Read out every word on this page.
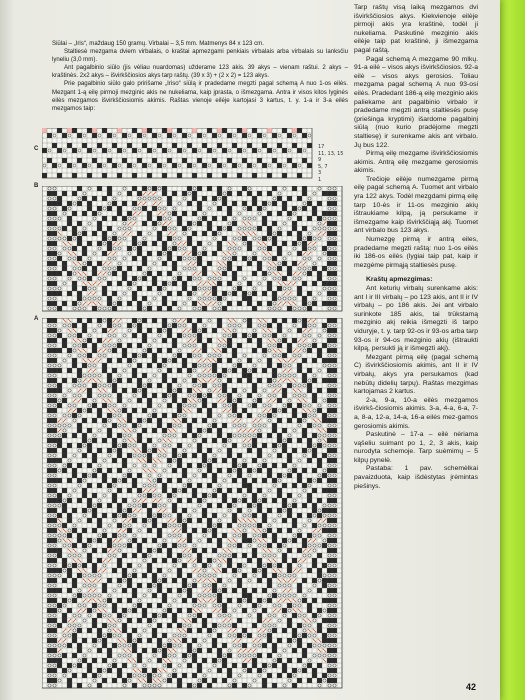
Siūlai – „Iris“, maždaug 150 gramų. Virbalai – 3,5 mm. Matmenys 84 x 123 cm.

Staltiesė mezgama dviem virbalais, o kraštai apmezgami penkiais virbalais arba virbalais su lanksčiu lyneliu (3,0 mm).

Ant pagalbinio siūlo (jis vėliau nuardomas) užderame 123 akis. 39 akys – vienam raštui. 2 akys – kraštinės. 2x2 akys – išvirkščiosios akys tarp raštų. (39 x 3) + (2 x 2) = 123 akys.

Prie pagalbinio siūlo galo pririšame „Iriso“ siūlą ir pradedame megzti pagal schemą A nuo 1-os eilės. Mezgant 1-ą eilę pirmoji mezginic akis ne nukeliama, kaip įprasta, o išmezgama. Antra ir visos kitos lyginės eilės mezgamos išvirkščiosiomis akimis. Raštas vienoje eilėje kartojasi 3 kartus, t. y. 1-a ir 3-a eilės mezgamos taip:

C	17
11, 13, 15
9
5, 7
3
1
B
A

Tarp raštų visą laiką mezgamos dvi išvirkščiosios akys. Kiekvienoje eilėje pirmoji akis yra kraštinė, todėl ji nukeliama. Paskutinė mezginio akis eilėje taip pat kraštinė, ji išmezgama pagal raštą.

Pagal schemą A mezgame 90 mlkų. 91-a eilė – visos akys išvirkščiosios. 92-a eilė – visos akys gerosios. Toliau mezgama pagal schemą A nuo 93-osi eilės. Pradedant 186-ą eilę mezginio akis paliekame ant pagalbinio virbalo ir pradedame megzti antrą staltiesės pusę (priešinga kryptimi) išardome pagalbinį siūlą (nuo kurio pradėjome megzti staltiesę) ir surenkame akis ant virbalo. Jų bus 122.

Pirmą eilę mezgame išvirkščiosiomis akimis. Antrą eilę mezgame gerosiomis akimis.

Trečioje eilėje numezgame pirmą eilę pagal schemą A. Tuomet ant virbalo yra 122 akys. Todėl mezgdami pirmą eilę tarp 10-ės ir 11-os mezginio akių ištraukiame kilpą, ją persukame ir išmezgame kaip išvirkščiąją akį. Tuomet ant virbalo bus 123 akys.

Numezgę pirmą ir antrą eiles, pradedame megzti raštą: nuo 1-os eilės iki 186-os eilės (lygiai taip pat, kaip ir mezgėme pirmąją staltiesės pusę.

Kraštų apmezgimas:

Ant keturių virbalų surenkame akis: ant I ir III virbalų – po 123 akis, ant II ir IV virbalų – po 186 akis. Jei ant virbalo surinkote 185 akis, tai trūkstamą mezginio akį reikia išmegzti iš tarpo viduryje, t. y. tarp 92-os ir 93-os arba tarp 93-os ir 94-os mezginio akių (ištraukti kilpą, persukti ją ir išmegzti akį).

Mezgant pirmą eilę (pagal schemą C) išvirkščiosiomis akimis, ant II ir IV virbalų, akys yra persukamos (kad nebūtų didelių tarpų). Raštas mezgimas kartojamas 2 kartus.

2-a, 9-a, 10-a eilės mezgamos išvirkš-čiosiomis akimis. 3-a, 4-a, 6-a, 7-a, 8-a, 12-a, 14-a, 16-a eilės mez-gamos gerosiomis akimis.

Paskutinė – 17-a – eilė nėriama vąšeliu suimant po 1, 2, 3 akis, kaip nurodyta schemoje. Tarp suėmimų – 5 kilpų pynelė.

Pastaba: 1 pav. schemėlkai pavaizduota, kaip išdėstytas įrėmintas piešinys.

42
